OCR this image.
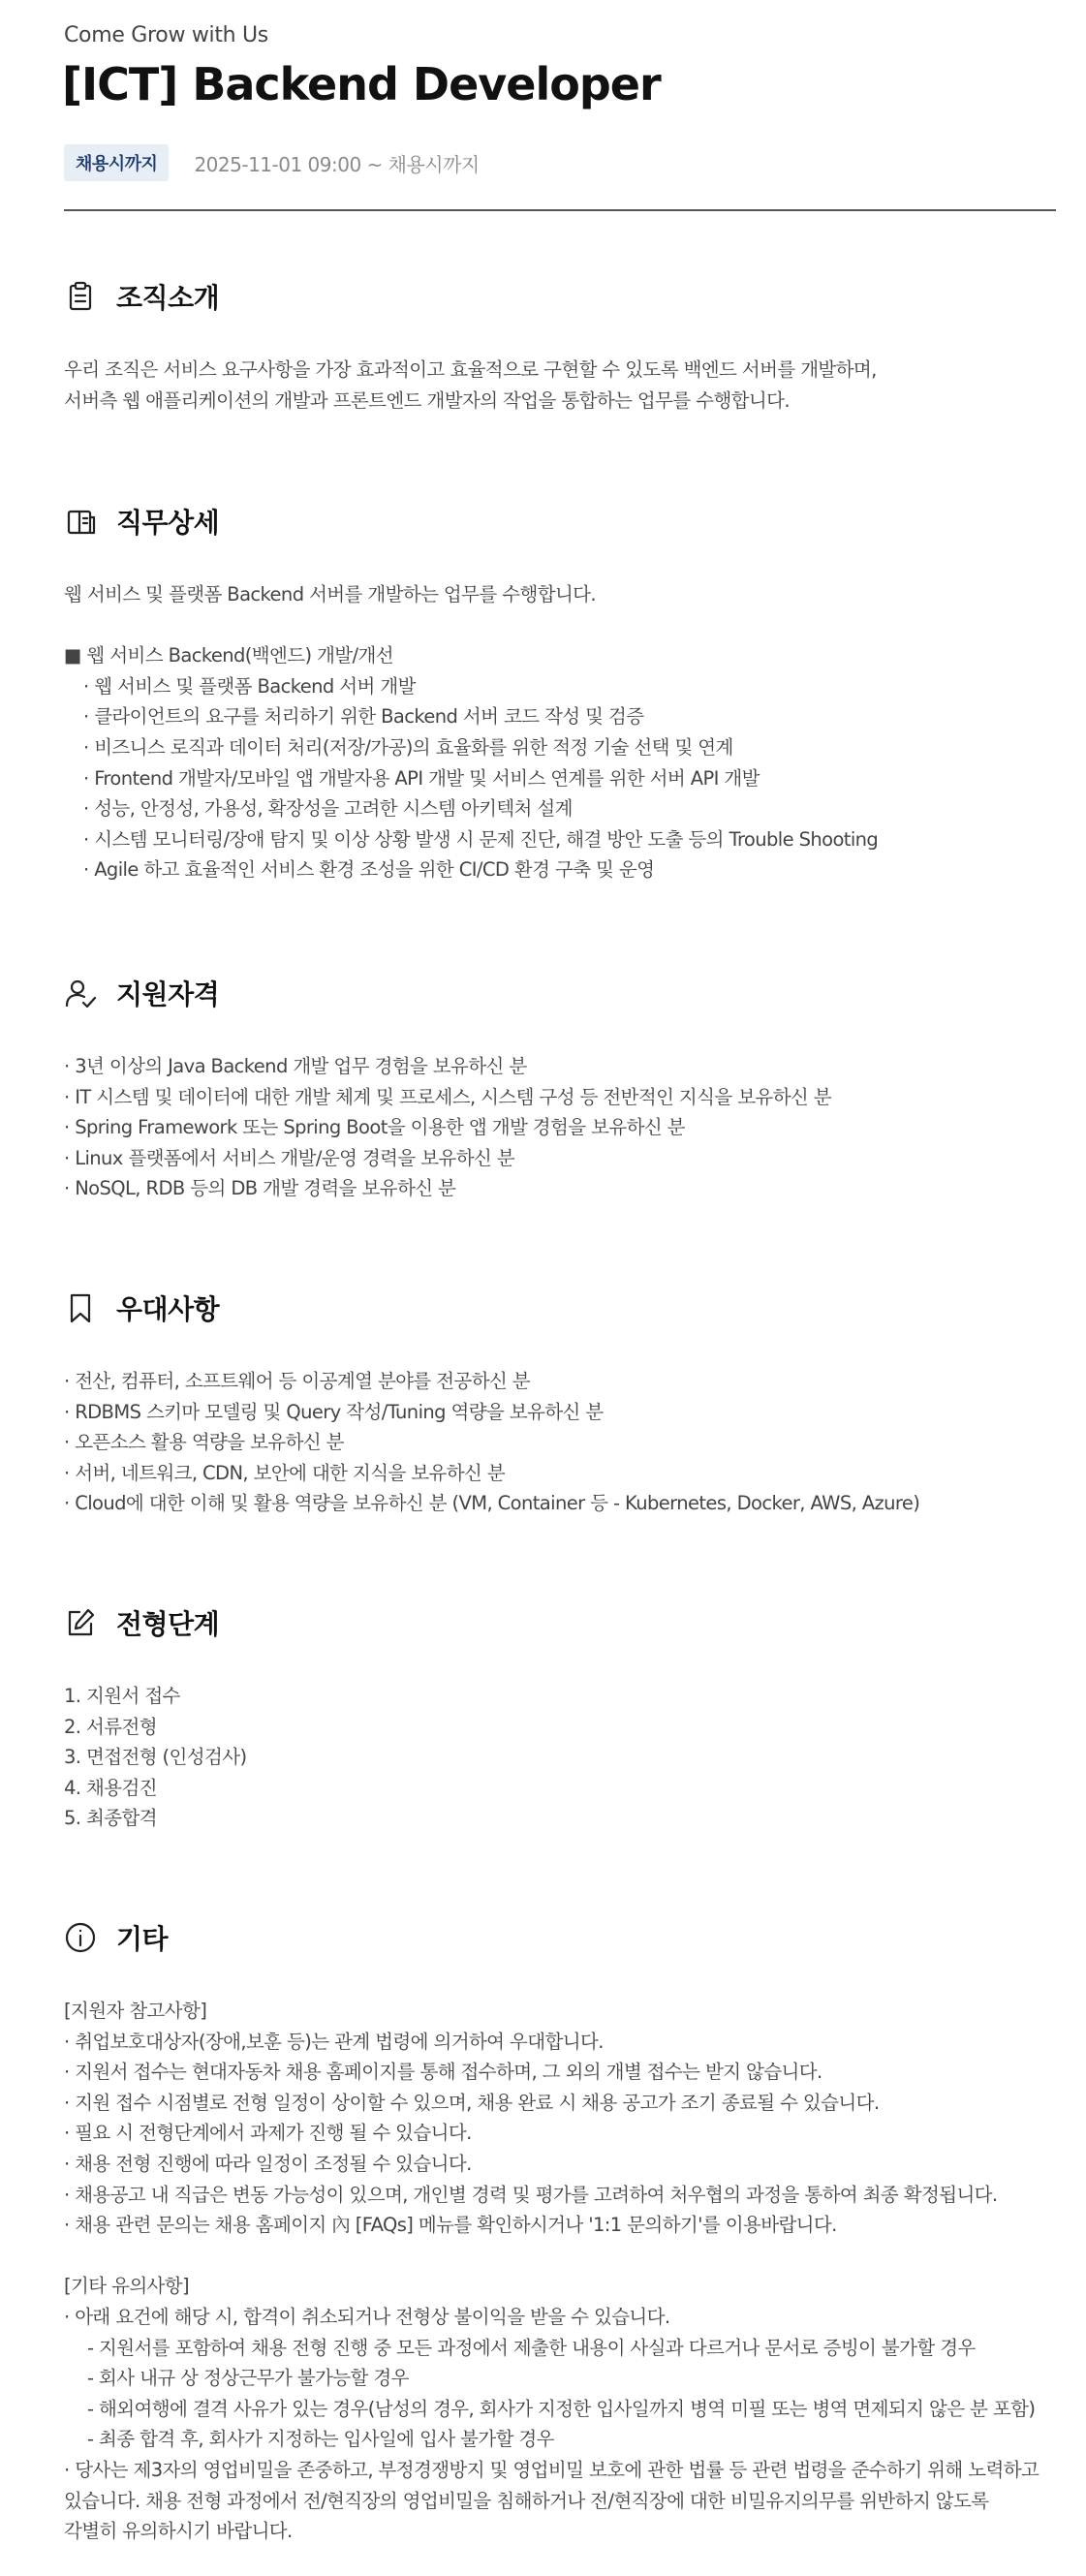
Come Grow with Us
[ICT] Backend Developer
채용시까지	2025-11-01 09:00 ~ 채용시까지
조직소개
우리 조직은 서비스 요구사항을 가장 효과적이고 효율적으로 구현할 수 있도록 백엔드 서버를 개발하며,
서버측 웹 애플리케이션의 개발과 프론트엔드 개발자의 작업을 통합하는 업무를 수행합니다.
직무상세
웹 서비스 및 플랫폼 Backend 서버를 개발하는 업무를 수행합니다.
■ 웹 서비스 Backend(백엔드) 개발/개선
· 웹 서비스 및 플랫폼 Backend 서버 개발
· 클라이언트의 요구를 처리하기 위한 Backend 서버 코드 작성 및 검증
· 비즈니스 로직과 데이터 처리(저장/가공)의 효율화를 위한 적정 기술 선택 및 연계
· Frontend 개발자/모바일 앱 개발자용 API 개발 및 서비스 연계를 위한 서버 API 개발
· 성능, 안정성, 가용성, 확장성을 고려한 시스템 아키텍처 설계
· 시스템 모니터링/장애 탐지 및 이상 상황 발생 시 문제 진단, 해결 방안 도출 등의 Trouble Shooting
· Agile 하고 효율적인 서비스 환경 조성을 위한 CI/CD 환경 구축 및 운영
지원자격
· 3년 이상의 Java Backend 개발 업무 경험을 보유하신 분
· IT 시스템 및 데이터에 대한 개발 체계 및 프로세스, 시스템 구성 등 전반적인 지식을 보유하신 분
· Spring Framework 또는 Spring Boot을 이용한 앱 개발 경험을 보유하신 분
· Linux 플랫폼에서 서비스 개발/운영 경력을 보유하신 분
· NoSQL, RDB 등의 DB 개발 경력을 보유하신 분
우대사항
· 전산, 컴퓨터, 소프트웨어 등 이공계열 분야를 전공하신 분
· RDBMS 스키마 모델링 및 Query 작성/Tuning 역량을 보유하신 분
· 오픈소스 활용 역량을 보유하신 분
· 서버, 네트워크, CDN, 보안에 대한 지식을 보유하신 분
· Cloud에 대한 이해 및 활용 역량을 보유하신 분 (VM, Container 등 - Kubernetes, Docker, AWS, Azure)
전형단계
1. 지원서 접수
2. 서류전형
3. 면접전형 (인성검사)
4. 채용검진
5. 최종합격
기타
[지원자 참고사항]
· 취업보호대상자(장애,보훈 등)는 관계 법령에 의거하여 우대합니다.
· 지원서 접수는 현대자동차 채용 홈페이지를 통해 접수하며, 그 외의 개별 접수는 받지 않습니다.
· 지원 접수 시점별로 전형 일정이 상이할 수 있으며, 채용 완료 시 채용 공고가 조기 종료될 수 있습니다.
· 필요 시 전형단계에서 과제가 진행 될 수 있습니다.
· 채용 전형 진행에 따라 일정이 조정될 수 있습니다.
· 채용공고 내 직급은 변동 가능성이 있으며, 개인별 경력 및 평가를 고려하여 처우협의 과정을 통하여 최종 확정됩니다.
· 채용 관련 문의는 채용 홈페이지 內 [FAQs] 메뉴를 확인하시거나 '1:1 문의하기'를 이용바랍니다.
[기타 유의사항]
· 아래 요건에 해당 시, 합격이 취소되거나 전형상 불이익을 받을 수 있습니다.
- 지원서를 포함하여 채용 전형 진행 중 모든 과정에서 제출한 내용이 사실과 다르거나 문서로 증빙이 불가할 경우
- 회사 내규 상 정상근무가 불가능할 경우
- 해외여행에 결격 사유가 있는 경우(남성의 경우, 회사가 지정한 입사일까지 병역 미필 또는 병역 면제되지 않은 분 포함)
- 최종 합격 후, 회사가 지정하는 입사일에 입사 불가할 경우
· 당사는 제3자의 영업비밀을 존중하고, 부정경쟁방지 및 영업비밀 보호에 관한 법률 등 관련 법령을 준수하기 위해 노력하고
있습니다. 채용 전형 과정에서 전/현직장의 영업비밀을 침해하거나 전/현직장에 대한 비밀유지의무를 위반하지 않도록
각별히 유의하시기 바랍니다.
